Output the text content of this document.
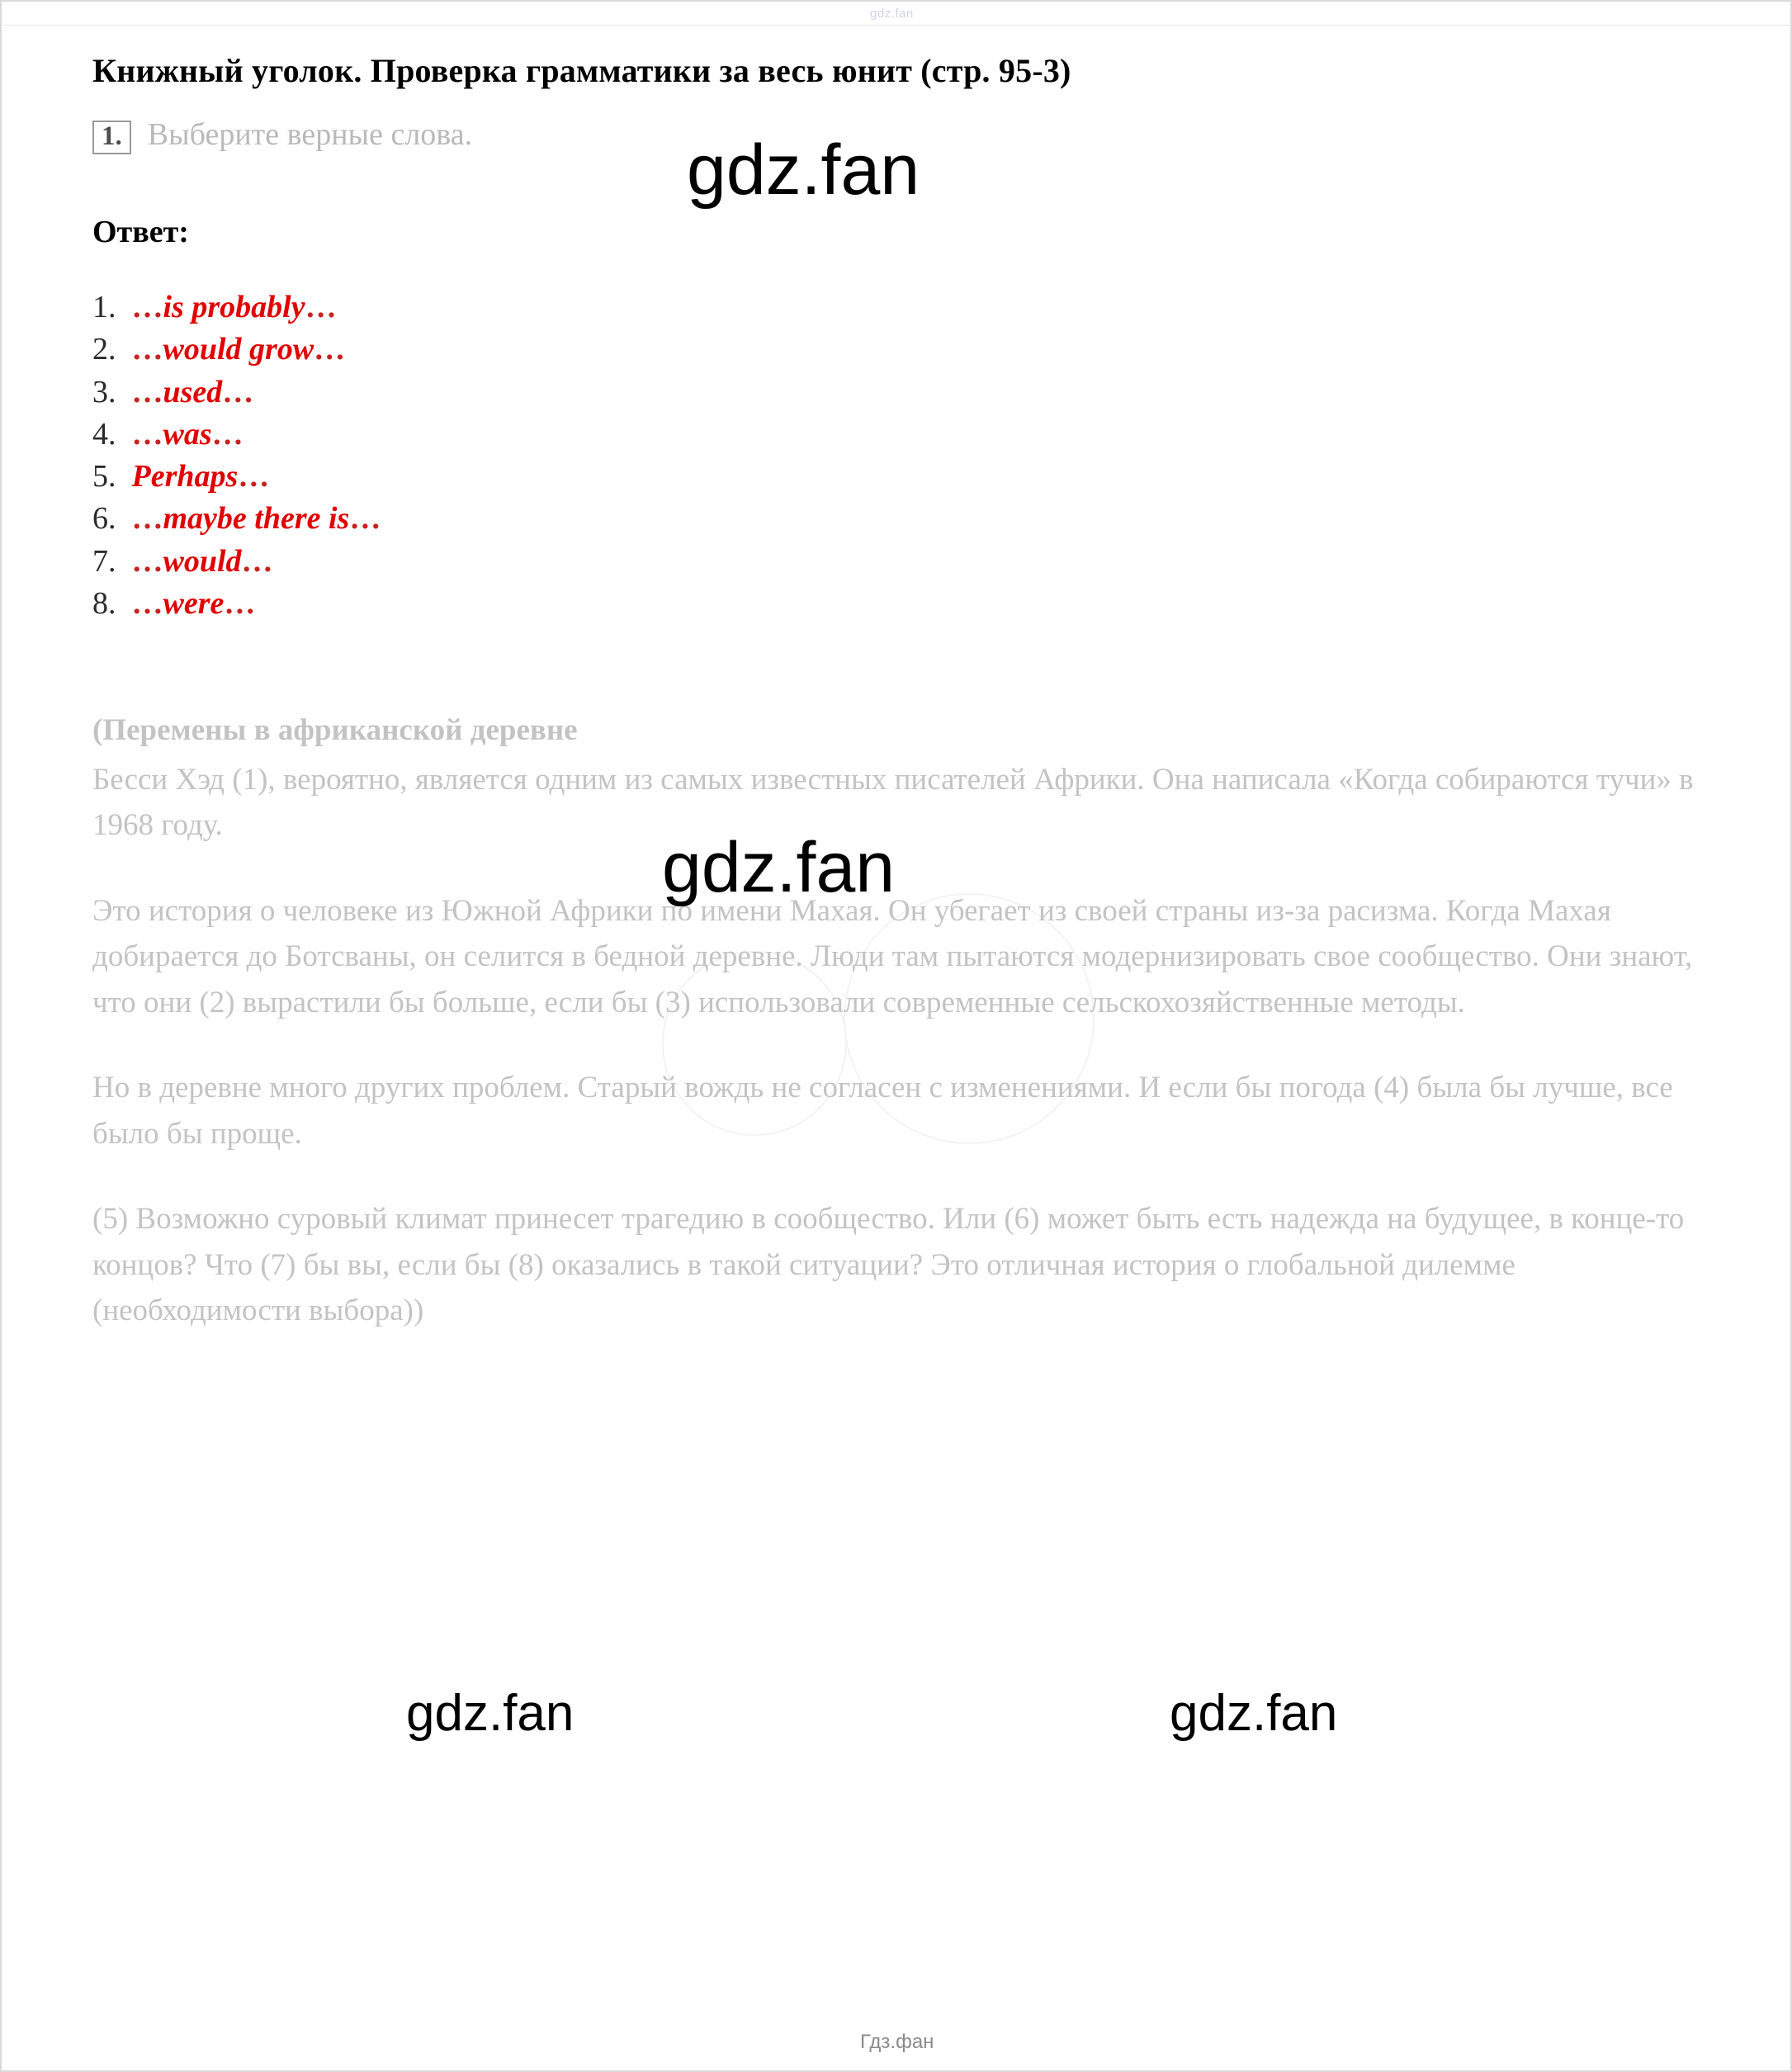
gdz.fan
Книжный уголок. Проверка грамматики за весь юнит (стр. 95-3)
1. Выберите верные слова.
Ответ:
1.  …is probably…
2.  …would grow…
3.  …used…
4.  …was…
5.  Perhaps…
6.  …maybe there is…
7.  …would…
8.  …were…

(Перемены в африканской деревне

Бесси Хэд (1), вероятно, является одним из самых известных писателей Африки. Она написала «Когда собираются тучи» в 1968 году.

Это история о человеке из Южной Африки по имени Махая. Он убегает из своей страны из-за расизма. Когда Махая добирается до Ботсваны, он селится в бедной деревне. Люди там пытаются модернизировать свое сообщество. Они знают, что они (2) вырастили бы больше, если бы (3) использовали современные сельскохозяйственные методы.

Но в деревне много других проблем. Старый вождь не согласен с изменениями. И если бы погода (4) была бы лучше, все было бы проще.

(5) Возможно суровый климат принесет трагедию в сообщество. Или (6) может быть есть надежда на будущее, в конце-то концов? Что (7) бы вы, если бы (8) оказались в такой ситуации? Это отличная история о глобальной дилемме (необходимости выбора))

gdz.fan
gdz.fan
gdz.fan	gdz.fan
Гдз.фан
